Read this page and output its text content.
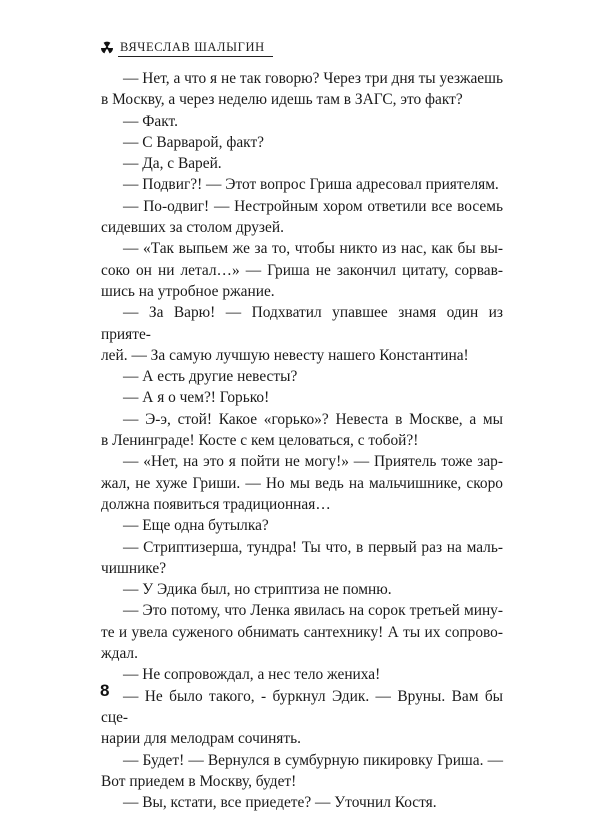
ВЯЧЕСЛАВ ШАЛЫГИН

— Нет, а что я не так говорю? Через три дня ты уезжаешь

в Москву, а через неделю идешь там в ЗАГС, это факт?

— Факт.

— С Варварой, факт?

— Да, с Варей.

— Подвиг?! — Этот вопрос Гриша адресовал приятелям.

— По-одвиг! — Нестройным хором ответили все восемь

сидевших за столом друзей.

— «Так выпьем же за то, чтобы никто из нас, как бы вы-

соко он ни летал…» — Гриша не закончил цитату, сорвав-

шись на утробное ржание.

— За Варю! — Подхватил упавшее знамя один из прияте-

лей. — За самую лучшую невесту нашего Константина!

— А есть другие невесты?

— А я о чем?! Горько!

— Э-э, стой! Какое «горько»? Невеста в Москве, а мы

в Ленинграде! Косте с кем целоваться, с тобой?!

— «Нет, на это я пойти не могу!» — Приятель тоже зар-

жал, не хуже Гриши. — Но мы ведь на мальчишнике, скоро

должна появиться традиционная…

— Еще одна бутылка?

— Стриптизерша, тундра! Ты что, в первый раз на маль-

чишнике?

— У Эдика был, но стриптиза не помню.

— Это потому, что Ленка явилась на сорок третьей мину-

те и увела суженого обнимать сантехнику! А ты их сопрово-

ждал.

— Не сопровождал, а нес тело жениха!

— Не было такого, - буркнул Эдик. — Вруны. Вам бы сце-

нарии для мелодрам сочинять.

— Будет! — Вернулся в сумбурную пикировку Гриша. —

Вот приедем в Москву, будет!

— Вы, кстати, все приедете? — Уточнил Костя.

8
